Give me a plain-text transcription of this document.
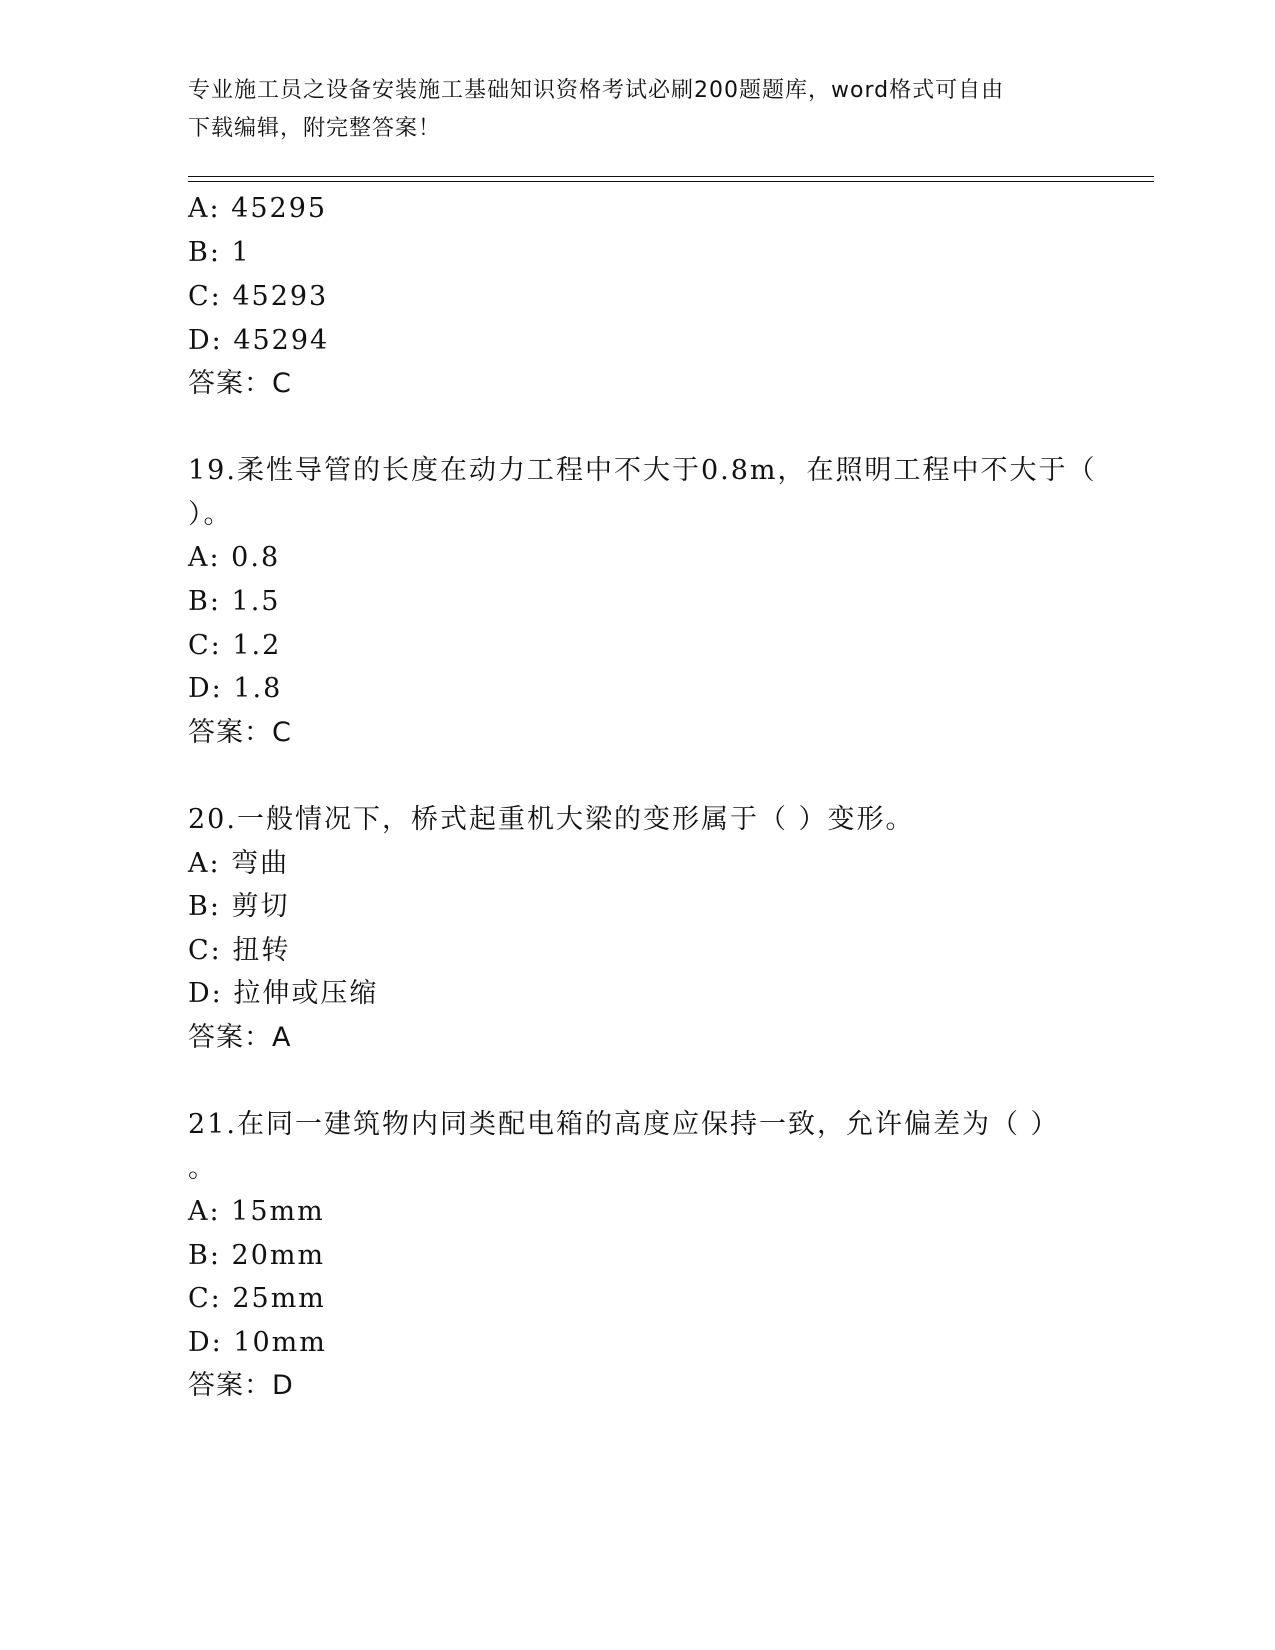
专业施工员之设备安装施工基础知识资格考试必刷200题题库，word格式可自由
下载编辑，附完整答案！
A: 45295
B: 1
C: 45293
D: 45294
答案：C
19.柔性导管的长度在动力工程中不大于0.8m，在照明工程中不大于（
）。
A: 0.8
B: 1.5
C: 1.2
D: 1.8
答案：C
20.一般情况下，桥式起重机大梁的变形属于（ ）变形。
A: 弯曲
B: 剪切
C: 扭转
D: 拉伸或压缩
答案：A
21.在同一建筑物内同类配电箱的高度应保持一致，允许偏差为（ ）
。
A: 15mm
B: 20mm
C: 25mm
D: 10mm
答案：D
